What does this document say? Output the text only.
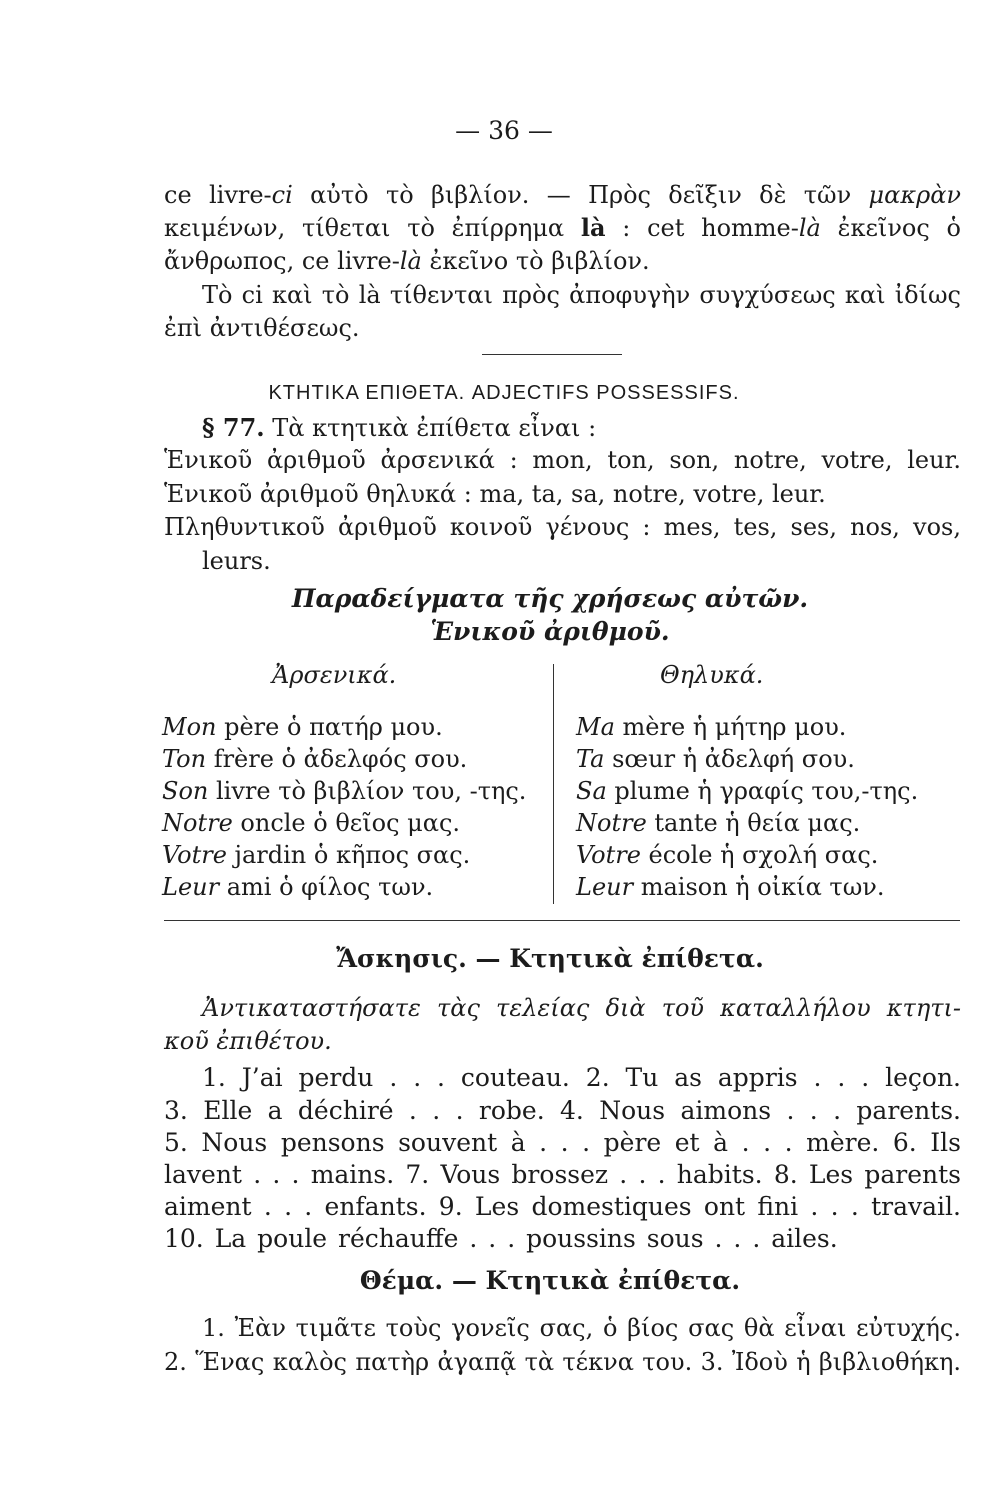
— 36 —
ce livre-ci αὐτὸ τὸ βιβλίον. — Πρὸς δεῖξιν δὲ τῶν μακρὰν
κειμένων, τίθεται τὸ ἐπίρρημα là : cet homme-là ἐκεῖνος ὁ
ἄνθρωπος, ce livre-là ἐκεῖνο τὸ βιβλίον.
Τὸ ci καὶ τὸ là τίθενται πρὸς ἀποφυγὴν συγχύσεως καὶ ἰδίως
ἐπὶ ἀντιθέσεως.
ΚΤΗΤΙΚΑ ΕΠΙΘΕΤΑ. ADJECTIFS POSSESSIFS.
§ 77. Τὰ κτητικὰ ἐπίθετα εἶναι :
Ἑνικοῦ ἀριθμοῦ ἀρσενικά : mon, ton, son, notre, votre, leur.
Ἑνικοῦ ἀριθμοῦ θηλυκά : ma, ta, sa, notre, votre, leur.
Πληθυντικοῦ ἀριθμοῦ κοινοῦ γένους : mes, tes, ses, nos, vos,
leurs.
Παραδείγματα τῆς χρήσεως αὐτῶν.
Ἑνικοῦ ἀριθμοῦ.
Ἀρσενικά.	Θηλυκά.
Mon père ὁ πατήρ μου.
Ton frère ὁ ἀδελφός σου.
Son livre τὸ βιβλίον του, -της.
Notre oncle ὁ θεῖος μας.
Votre jardin ὁ κῆπος σας.
Leur ami ὁ φίλος των.
Ma mère ἡ μήτηρ μου.
Ta sœur ἡ ἀδελφή σου.
Sa plume ἡ γραφίς του,-της.
Notre tante ἡ θεία μας.
Votre école ἡ σχολή σας.
Leur maison ἡ οἰκία των.
Ἄσκησις. — Κτητικὰ ἐπίθετα.
Ἀντικαταστήσατε τὰς τελείας διὰ τοῦ καταλλήλου κτητι-
κοῦ ἐπιθέτου.
1. J’ai perdu . . . couteau. 2. Tu as appris . . . leçon.
3. Elle a déchiré . . . robe. 4. Nous aimons . . . parents.
5. Nous pensons souvent à . . . père et à . . . mère. 6. Ils
lavent . . . mains. 7. Vous brossez . . . habits. 8. Les parents
aiment . . . enfants. 9. Les domestiques ont fini . . . travail.
10. La poule réchauffe . . . poussins sous . . . ailes.
Θέμα. — Κτητικὰ ἐπίθετα.
1. Ἐὰν τιμᾶτε τοὺς γονεῖς σας, ὁ βίος σας θὰ εἶναι εὐτυχής.
2. Ἕνας καλὸς πατὴρ ἀγαπᾷ τὰ τέκνα του. 3. Ἰδοὺ ἡ βιβλιοθήκη.
